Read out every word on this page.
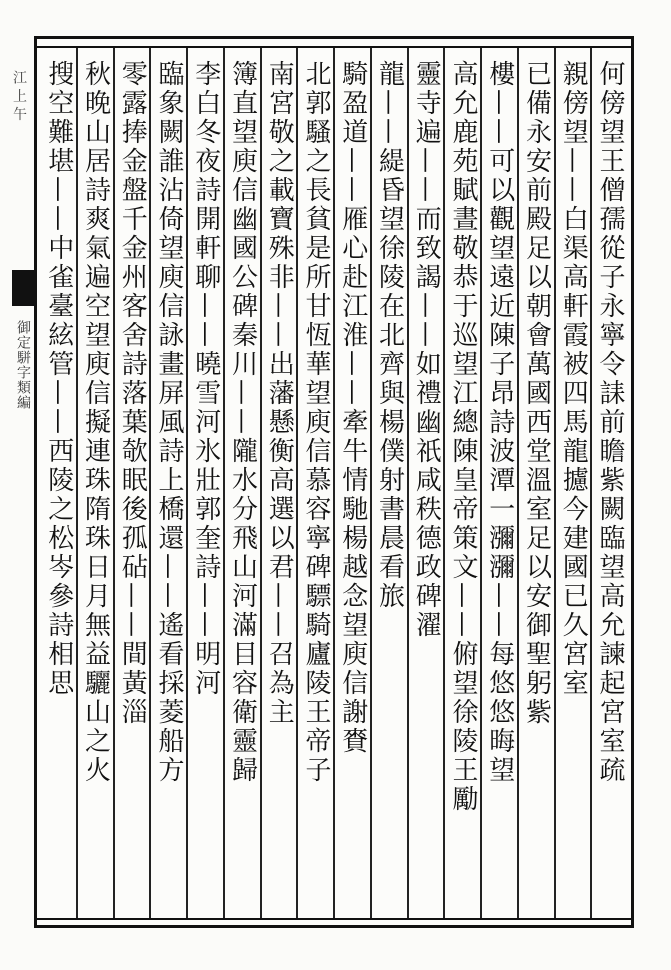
江 上 午
御定駢字類編	何傍望王僧孺從子永寧令誄前瞻紫闕臨望高允諫起宮室疏
親傍望——白渠高軒霞被四馬龍攄今建國已久宮室
已備永安前殿足以朝會萬國西堂溫室足以安御聖躬紫
樓——可以觀望遠近陳子昂詩波潭一瀰瀰——每悠悠晦望
高允鹿苑賦晝敬恭于巡望江總陳皇帝策文——俯望徐陵王勵
靈寺遍——而致謁——如禮幽祇咸秩德政碑濯
龍——緹昏望徐陵在北齊與楊僕射書晨看旅
騎盈道——雁心赴江淮——牽牛情馳楊越念望庾信謝賚
北郭騷之長貧是所甘恆華望庾信慕容寧碑驃騎廬陵王帝子
南宮敬之載寶殊非——出藩懸衡高選以君——召為主
簿直望庾信幽國公碑秦川——隴水分飛山河滿目容衛靈歸
李白冬夜詩開軒聊——曉雪河氷壯郭奎詩——明河
臨象闕誰沾倚望庾信詠畫屏風詩上橋還——遙看採菱船方
零露捧金盤千金州客舍詩落葉欹眠後孤砧——間黃淄
秋晚山居詩爽氣遍空望庾信擬連珠隋珠日月無益驪山之火
搜空難堪——中雀臺絃管——西陵之松岑參詩相思
